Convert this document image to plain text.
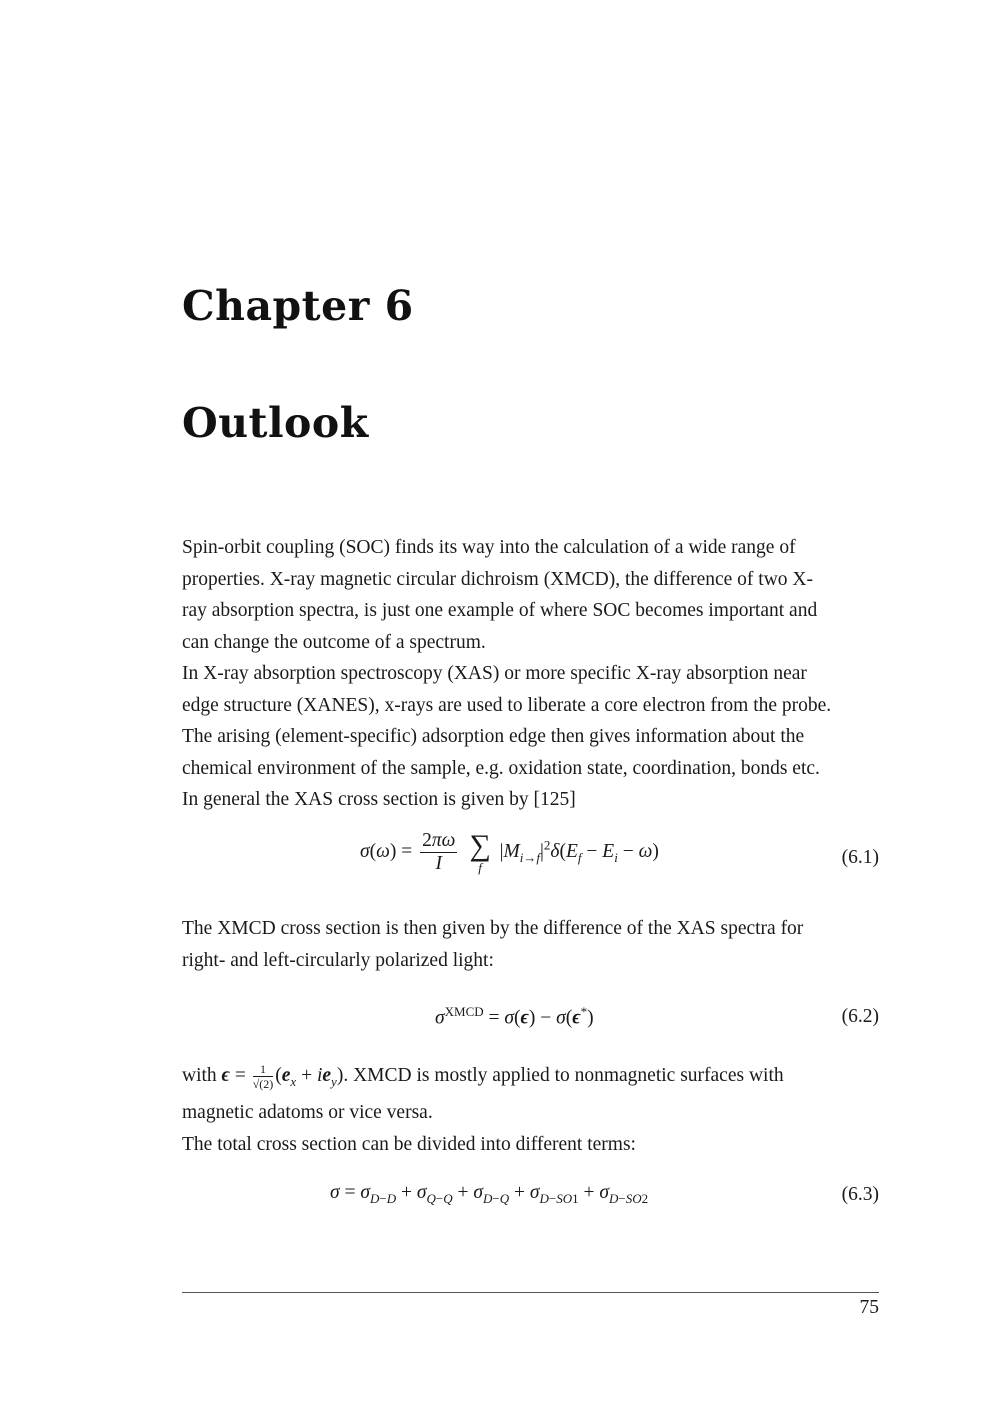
Chapter 6
Outlook
Spin-orbit coupling (SOC) finds its way into the calculation of a wide range of
properties. X-ray magnetic circular dichroism (XMCD), the difference of two X-
ray absorption spectra, is just one example of where SOC becomes important and
can change the outcome of a spectrum.
In X-ray absorption spectroscopy (XAS) or more specific X-ray absorption near
edge structure (XANES), x-rays are used to liberate a core electron from the probe.
The arising (element-specific) adsorption edge then gives information about the
chemical environment of the sample, e.g. oxidation state, coordination, bonds etc.
In general the XAS cross section is given by [125]
$\sigma(\omega) = \frac{2\pi\omega}{I}$
∑
f
$|M_{i\to f}|^2\delta(E_f - E_i - \omega)$	(6.1)
The XMCD cross section is then given by the difference of the XAS spectra for
right- and left-circularly polarized light:
$\sigma^{XMCD} = \sigma(\epsilon) - \sigma(\epsilon^*)$	(6.2)
with $\epsilon = \frac{1}{√(2)} (e_x + ie_y)$. XMCD is mostly applied to nonmagnetic surfaces with
magnetic adatoms or vice versa.
The total cross section can be divided into different terms:
$\sigma = \sigma_{D-D} + \sigma_{Q-Q} + \sigma_{D-Q} + \sigma_{D-SO1} + \sigma_{D-SO2}$	(6.3)
75
